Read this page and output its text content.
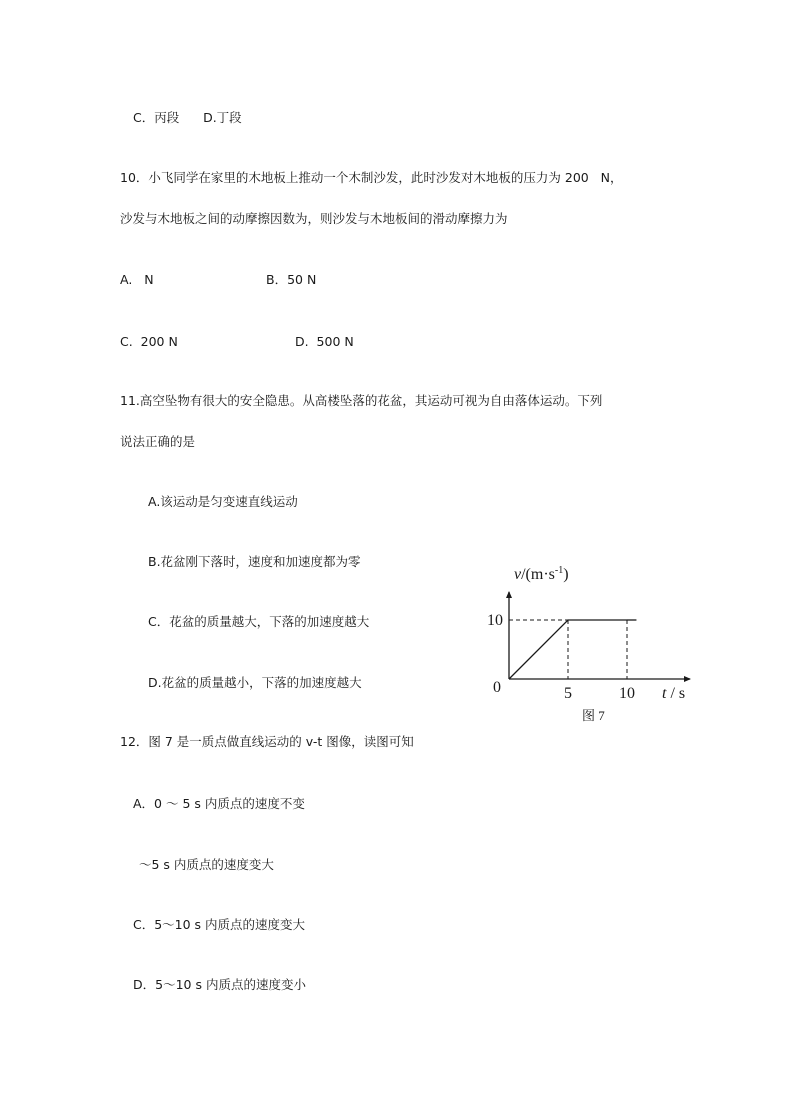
C．丙段      D.丁段
10．小飞同学在家里的木地板上推动一个木制沙发，此时沙发对木地板的压力为 200   N，
沙发与木地板之间的动摩擦因数为，则沙发与木地板间的滑动摩擦力为
A.   N	B．50 N
C.  200 N	D.  500 N
11.高空坠物有很大的安全隐患。从高楼坠落的花盆，其运动可视为自由落体运动。下列
说法正确的是
A.该运动是匀变速直线运动
B.花盆刚下落时，速度和加速度都为零
C．花盆的质量越大，下落的加速度越大
D.花盆的质量越小，下落的加速度越大
5	10
10
$v/(m\cdot s^{-1})$
t / s
0
图 7
12．图 7 是一质点做直线运动的 v-t 图像，读图可知
A．0 ～ 5 s 内质点的速度不变
～5 s 内质点的速度变大
C．5～10 s 内质点的速度变大
D．5～10 s 内质点的速度变小
